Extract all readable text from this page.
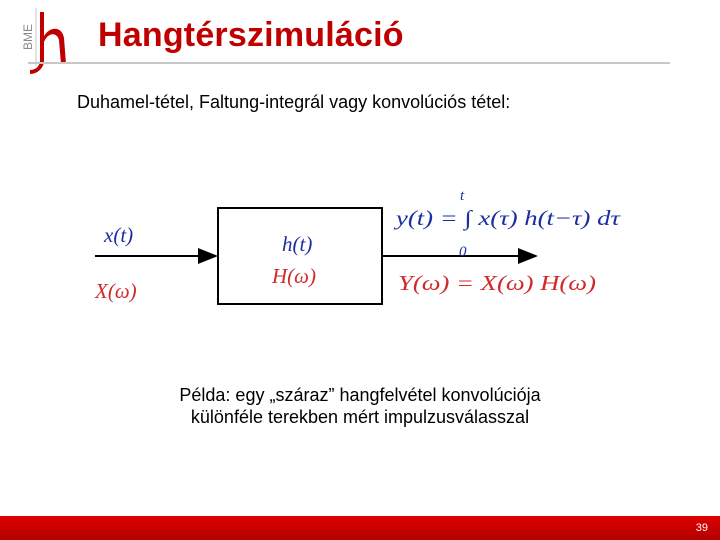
BME Hangtérszimuláció
Duhamel-tétel, Faltung-integrál vagy konvolúciós tétel:
x(t)
X(ω)
h(t)
H(ω)
t
y(t) = ∫ x(τ) h(t−τ) dτ
0
Y(ω) = X(ω) H(ω)
Példa: egy „száraz” hangfelvétel konvolúciója
különféle terekben mért impulzusválasszal
39
